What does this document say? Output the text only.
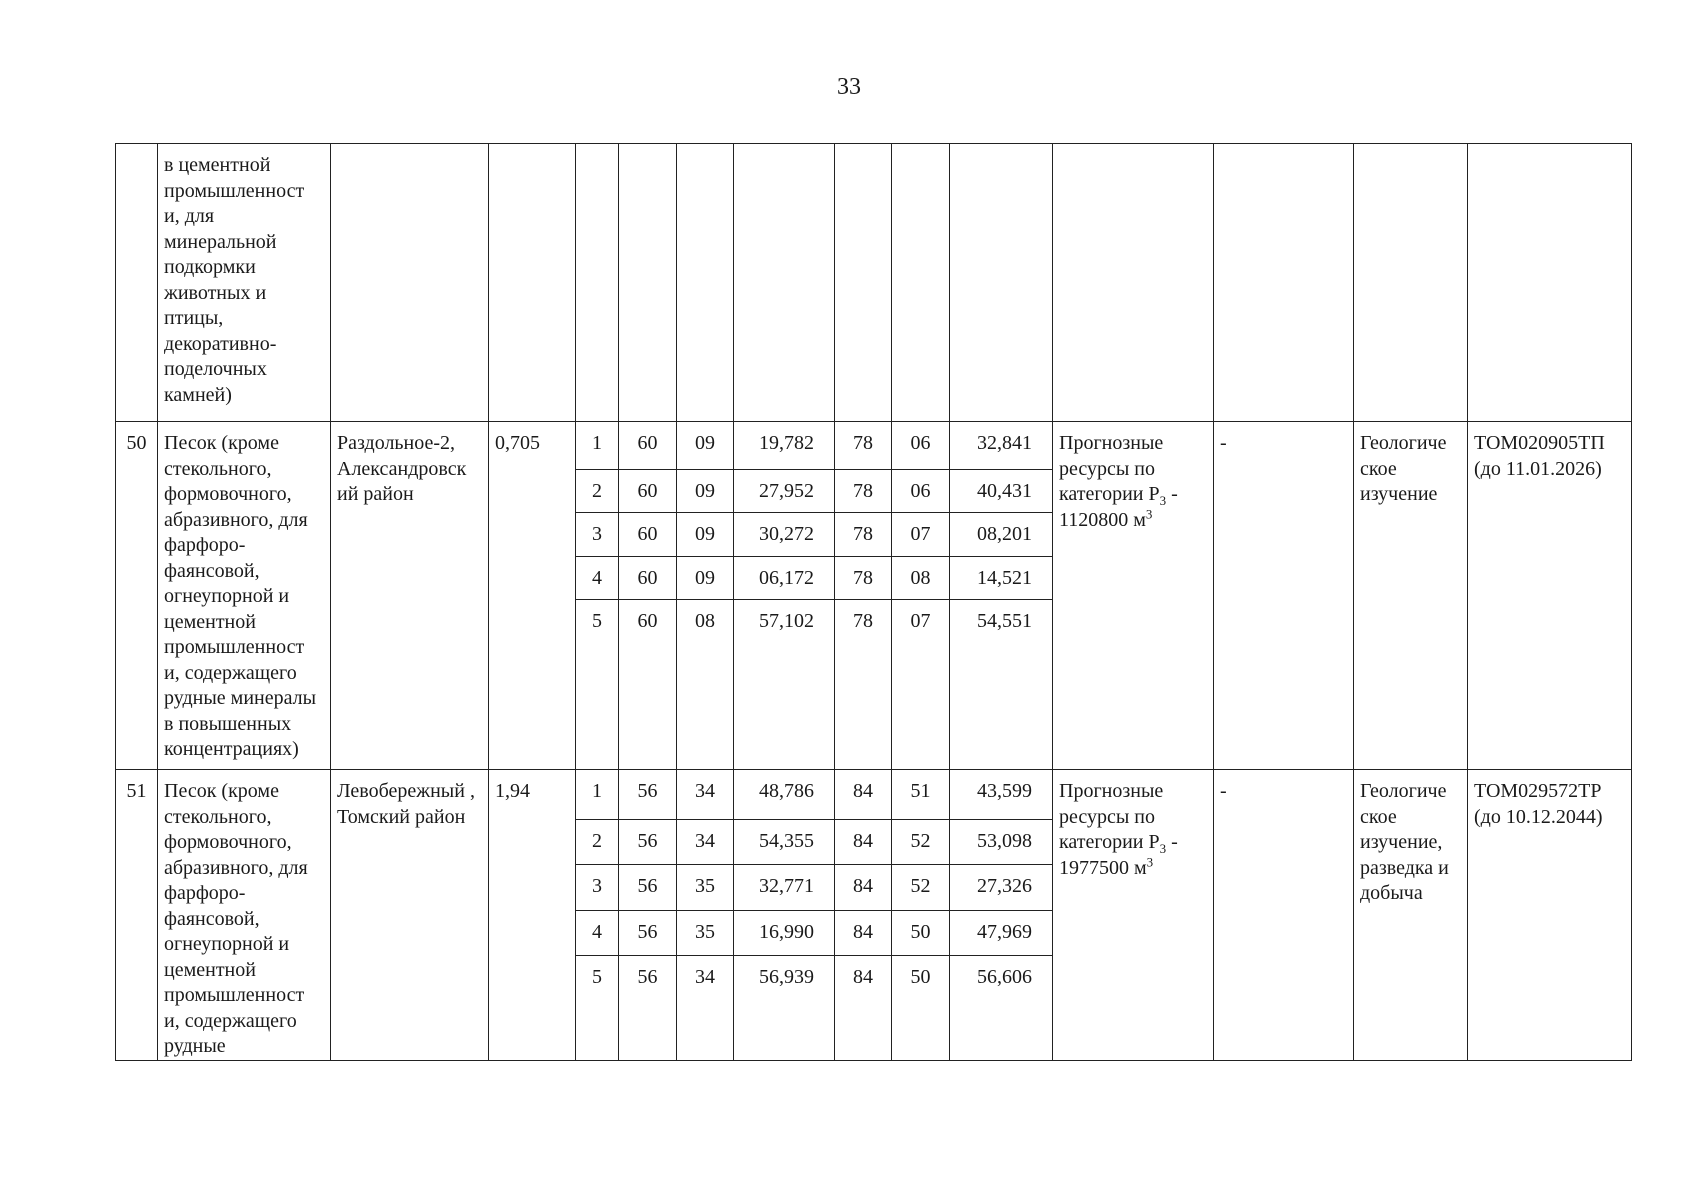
33
	в цементной промышленност и, для минеральной подкормки животных и птицы, декоративно-поделочных камней)													
50	Песок (кроме стекольного, формовочного, абразивного, для фарфоро-фаянсовой, огнеупорной и цементной промышленност и, содержащего рудные минералы в повышенных концентрациях)	Раздольное-2, Александровск ий район	0,705	1	60	09	19,782	78	06	32,841	Прогнозные ресурсы по категории $Р_3 - 1120800$ $м^3$	-	Геологиче ское изучение	ТОМ020905ТП (до 11.01.2026)
				2	60	09	27,952	78	06	40,431				
				3	60	09	30,272	78	07	08,201				
				4	60	09	06,172	78	08	14,521				
				5	60	08	57,102	78	07	54,551				
51	Песок (кроме стекольного, формовочного, абразивного, для фарфоро-фаянсовой, огнеупорной и цементной промышленност и, содержащего рудные	Левобережный , Томский район	1,94	1	56	34	48,786	84	51	43,599	Прогнозные ресурсы по категории $Р_3 - 1977500$ $м^3$	-	Геологиче ское изучение, разведка и добыча	ТОМ029572ТР (до 10.12.2044)
				2	56	34	54,355	84	52	53,098				
				3	56	35	32,771	84	52	27,326				
				4	56	35	16,990	84	50	47,969				
				5	56	34	56,939	84	50	56,606				
